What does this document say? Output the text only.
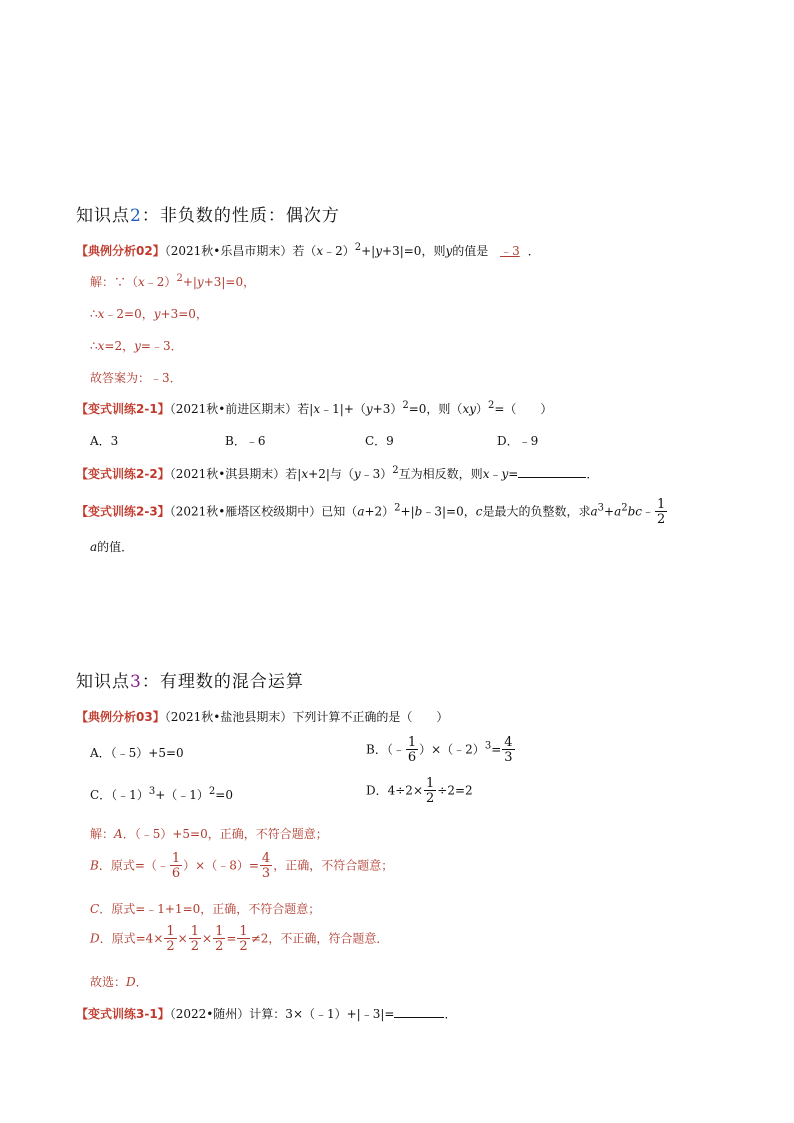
知识点2：非负数的性质：偶次方
【典例分析02】（2021秋•乐昌市期末）若（x﹣2）$^2$+|y+3|=0，则y的值是 ﹣3 ．
解：∵（x﹣2）$^2$+|y+3|=0，
∴x﹣2=0，y+3=0，
∴x=2，y=﹣3．
故答案为：﹣3．
【变式训练2-1】（2021秋•前进区期末）若$|x﹣1|+(y+3)^2=0$，则（xy）$^2$=（　　）
A．3	B．﹣6	C．9	D．﹣9
【变式训练2-2】（2021秋•淇县期末）若|x+2|与（y﹣3）$^2$互为相反数，则x﹣y=	．
【变式训练2-3】（2021秋•雁塔区校级期中）已知$(a+2)^2+|b﹣3|=0$，c是最大的负整数，求$a^3+a^2bc﹣ \frac{1}{2}$
a的值．
知识点3：有理数的混合运算
【典例分析03】（2021秋•盐池县期末）下列计算不正确的是（　　）
A．（﹣5）+5=0	B．（﹣ $\frac{1}{6}$ ）×（﹣2）$^3$= $\frac{4}{3}$
C．（﹣1）$^3$+（﹣1）$^2$=0	D．$4\div 2\times \frac{1}{2} \div 2=2$
解：A．（﹣5）+5=0，正确，不符合题意；
B．原式=（﹣ $\frac{1}{6}$ ）×（﹣8）= $\frac{4}{3}$ ，正确，不符合题意；
C．原式=﹣1+1=0，正确，不符合题意；
D．原式$=4\times \frac{1}{2} \times \frac{1}{2} \times \frac{1}{2} = \frac{1}{2} \ne 2$，不正确，符合题意．
故选：D．
【变式训练3-1】（2022•随州）计算：3×（﹣1）+|﹣3|=	．
